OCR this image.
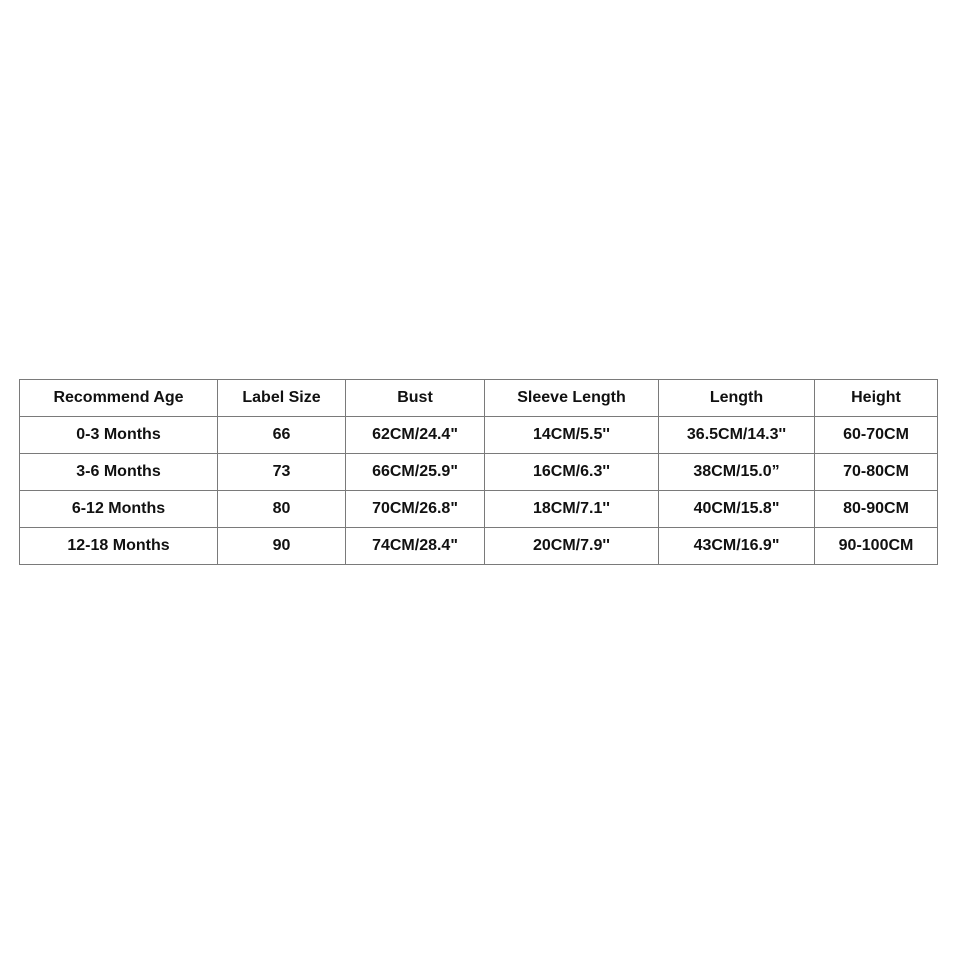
Recommend Age	Label Size	Bust	Sleeve Length	Length	Height
0-3 Months	66	62CM/24.4"	14CM/5.5''	36.5CM/14.3''	60-70CM
3-6 Months	73	66CM/25.9"	16CM/6.3''	38CM/15.0”	70-80CM
6-12 Months	80	70CM/26.8"	18CM/7.1''	40CM/15.8"	80-90CM
12-18 Months	90	74CM/28.4"	20CM/7.9''	43CM/16.9"	90-100CM
